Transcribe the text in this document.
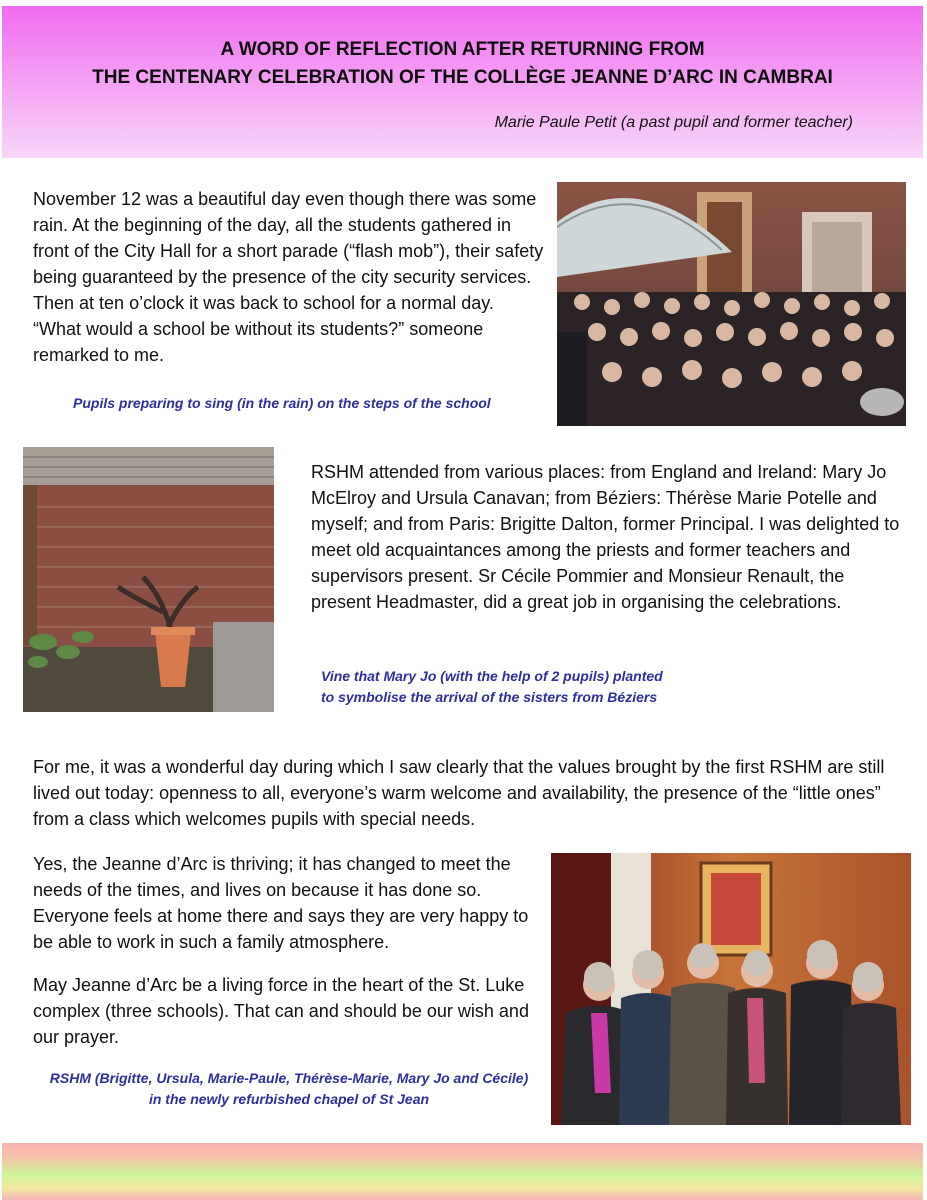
A WORD OF REFLECTION AFTER RETURNING FROM
THE CENTENARY CELEBRATION OF THE COLLÈGE JEANNE D’ARC IN CAMBRAI
Marie Paule Petit (a past pupil and former teacher)

November 12 was a beautiful day even though there was some rain. At the beginning of the day, all the students gathered in front of the City Hall for a short parade (“flash mob”), their safety being guaranteed by the presence of the city security services. Then at ten o’clock it was back to school for a normal day. “What would a school be without its students?” someone remarked to me.

Pupils preparing to sing (in the rain) on the steps of the school

RSHM attended from various places: from England and Ireland: Mary Jo McElroy and Ursula Canavan; from Béziers: Thérèse Marie Potelle and myself; and from Paris: Brigitte Dalton, former Principal. I was delighted to meet old acquaintances among the priests and former teachers and supervisors present. Sr Cécile Pommier and Monsieur Renault, the present Headmaster, did a great job in organising the celebrations.

Vine that Mary Jo (with the help of 2 pupils) planted
to symbolise the arrival of the sisters from Béziers

For me, it was a wonderful day during which I saw clearly that the values brought by the first RSHM are still lived out today: openness to all, everyone’s warm welcome and availability, the presence of the “little ones” from a class which welcomes pupils with special needs.

Yes, the Jeanne d’Arc is thriving; it has changed to meet the needs of the times, and lives on because it has done so. Everyone feels at home there and says they are very happy to be able to work in such a family atmosphere.

May Jeanne d’Arc be a living force in the heart of the St. Luke complex (three schools). That can and should be our wish and our prayer.

RSHM (Brigitte, Ursula, Marie-Paule, Thérèse-Marie, Mary Jo and Cécile)
in the newly refurbished chapel of St Jean
